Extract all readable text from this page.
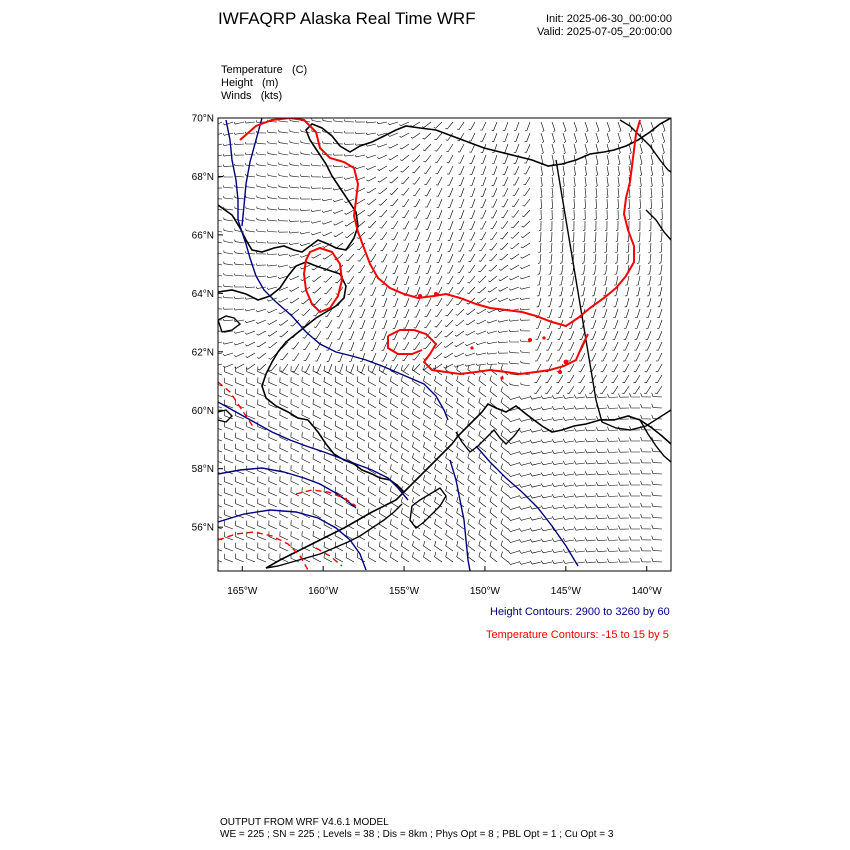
IWFAQRP Alaska Real Time WRF	Init: 2025-06-30_00:00:00
Valid: 2025-07-05_20:00:00
Temperature (C)
Height (m)
Winds (kts)
70°N
68°N
66°N
64°N
62°N
60°N
58°N
56°N
165°W	160°W	155°W	150°W	145°W	140°W
Height Contours: 2900 to 3260 by 60
Temperature Contours: -15 to 15 by 5
OUTPUT FROM WRF V4.6.1 MODEL
WE = 225 ; SN = 225 ; Levels = 38 ; Dis = 8km ; Phys Opt = 8 ; PBL Opt = 1 ; Cu Opt = 3
